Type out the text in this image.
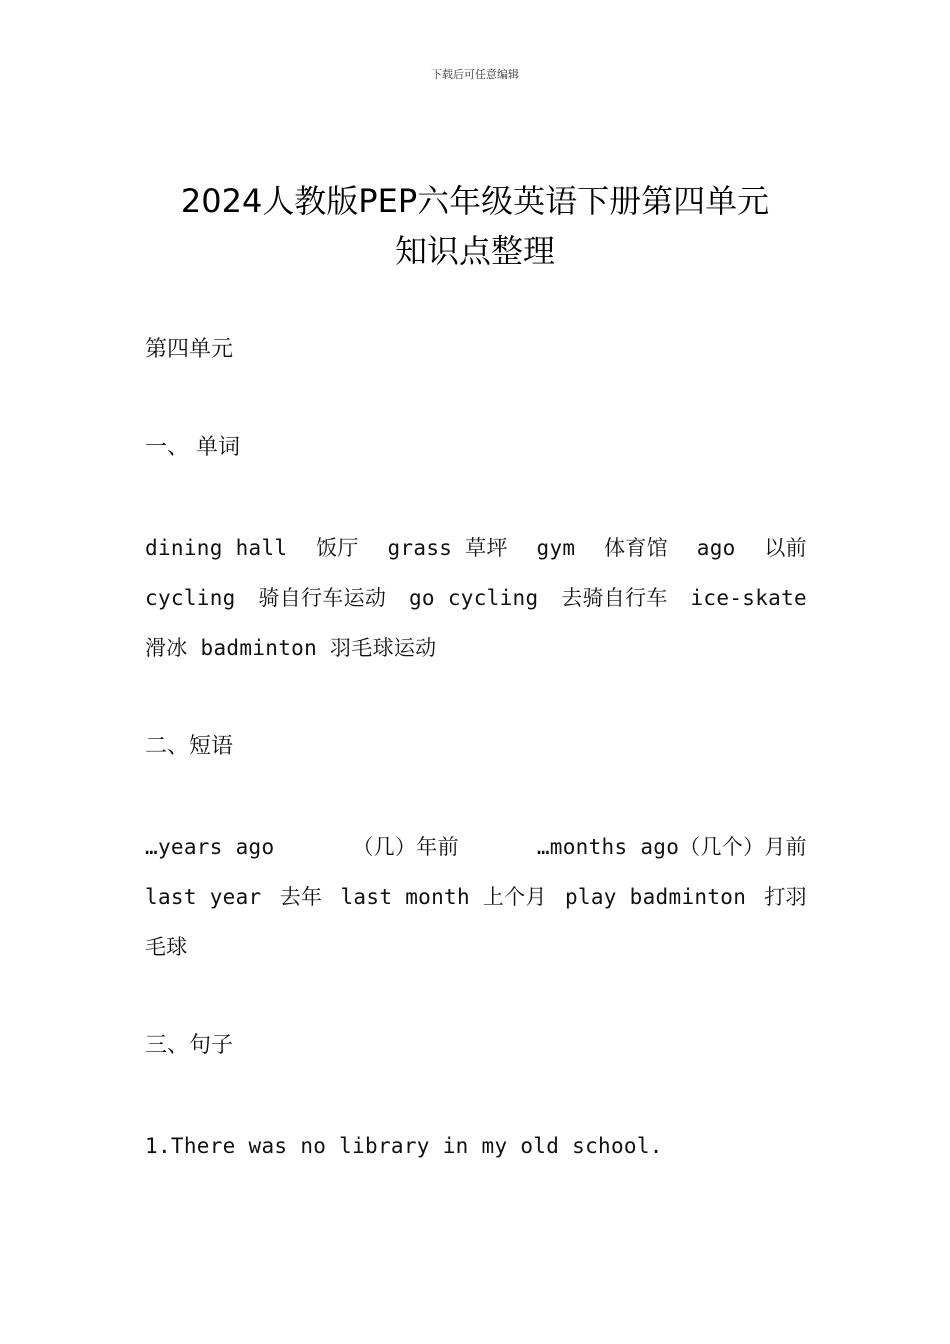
下载后可任意编辑
2024人教版PEP六年级英语下册第四单元
知识点整理
第四单元
一、 单词
dining hall 饭厅 grass 草坪 gym 体育馆 ago 以前
cycling 骑自行车运动 go cycling 去骑自行车 ice-skate
滑冰 badminton 羽毛球运动
二、短语
…years ago	（几）年前	…months ago（几个）月前
last year 去年 last month 上个月 play badminton 打羽
毛球
三、句子
1.There was no library in my old school.
